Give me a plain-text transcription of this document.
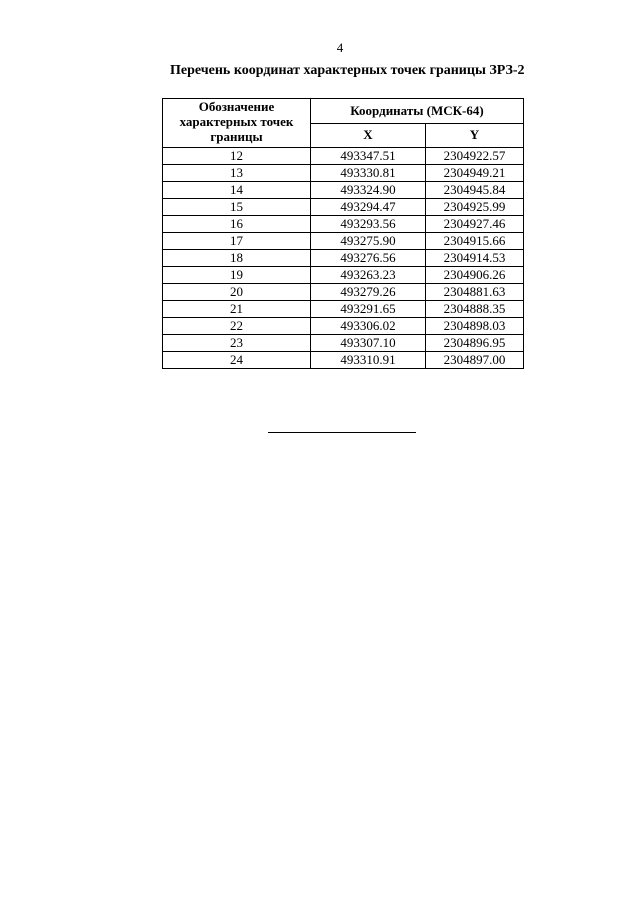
4
Перечень координат характерных точек границы ЗРЗ-2
Обозначение характерных точек границы	Координаты (МСК-64)	
	X	Y
12	493347.51	2304922.57
13	493330.81	2304949.21
14	493324.90	2304945.84
15	493294.47	2304925.99
16	493293.56	2304927.46
17	493275.90	2304915.66
18	493276.56	2304914.53
19	493263.23	2304906.26
20	493279.26	2304881.63
21	493291.65	2304888.35
22	493306.02	2304898.03
23	493307.10	2304896.95
24	493310.91	2304897.00
